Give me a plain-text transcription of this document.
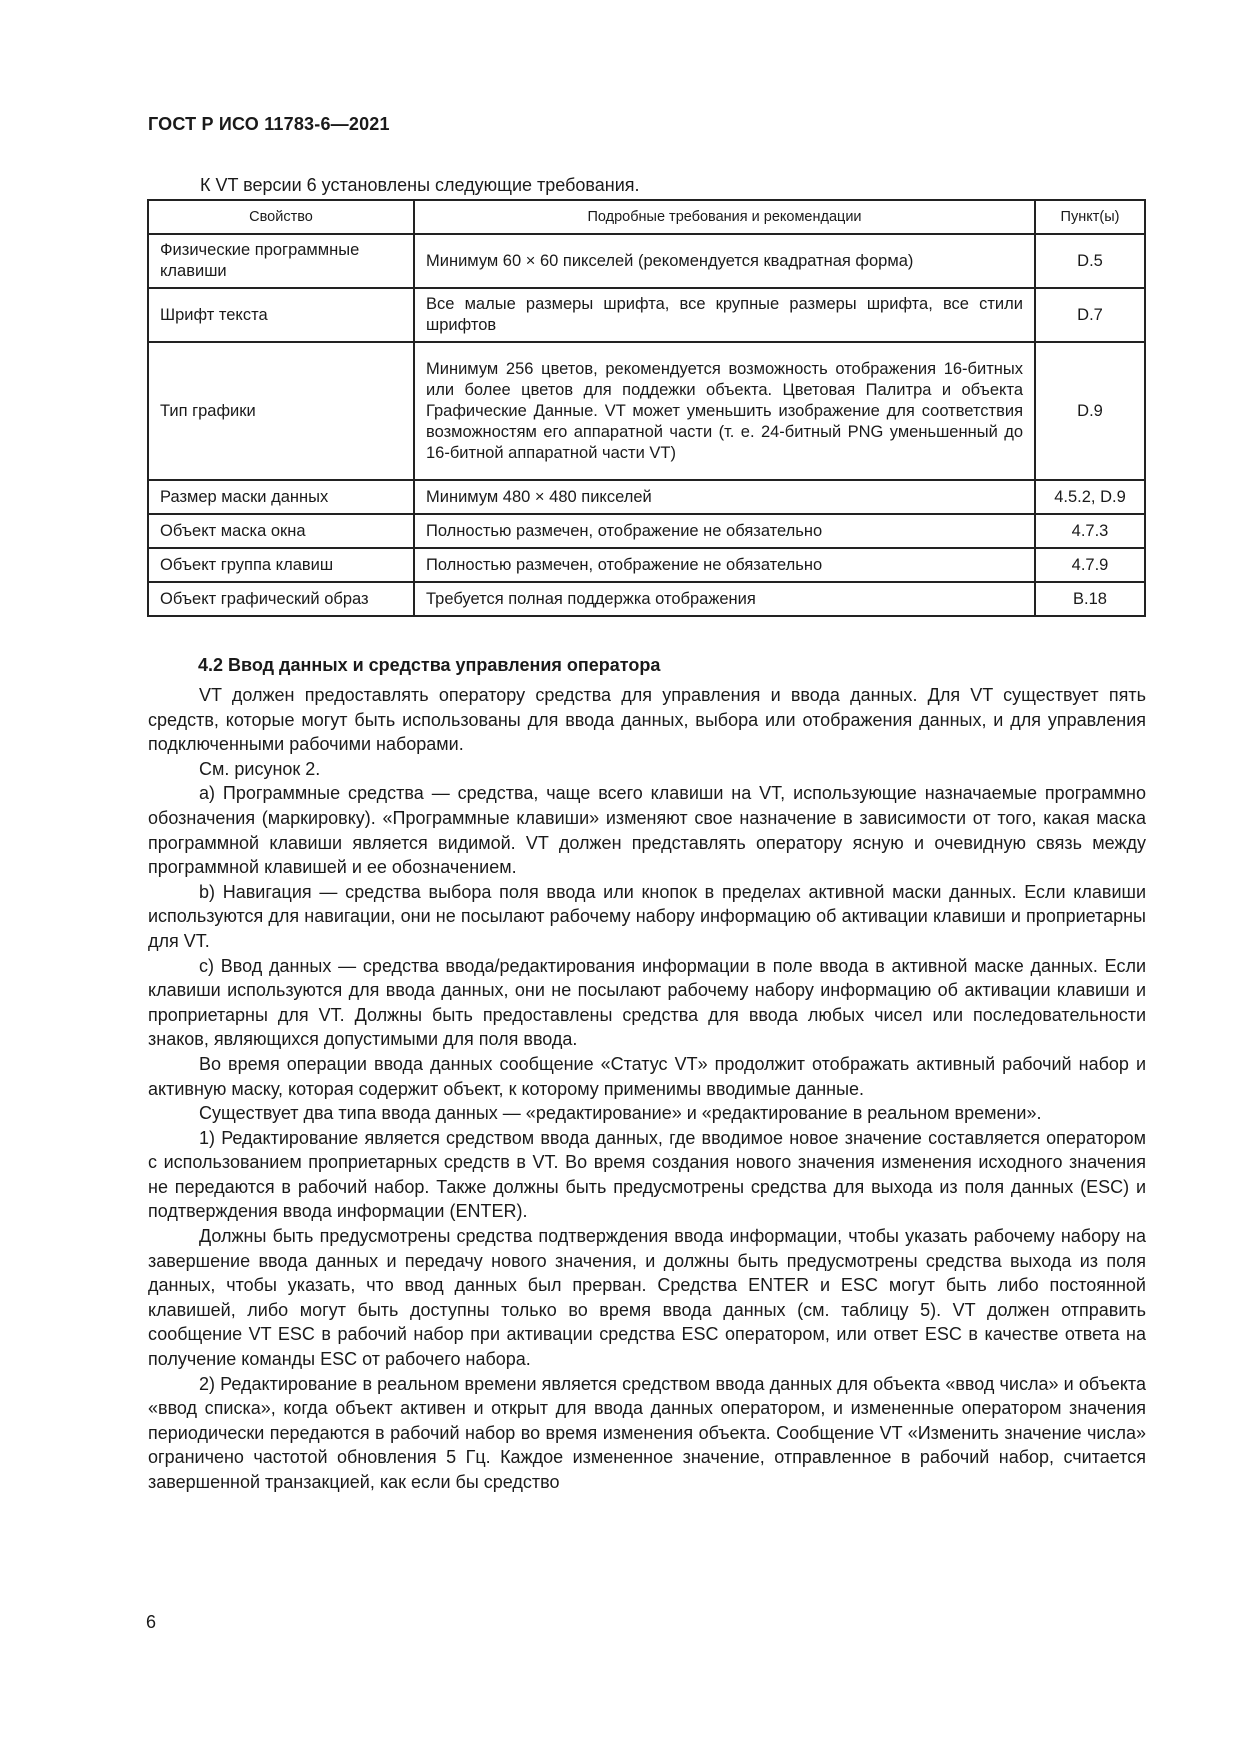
ГОСТ Р ИСО 11783-6—2021
К VT версии 6 установлены следующие требования.
Свойство	Подробные требования и рекомендации	Пункт(ы)
Физические программные клавиши	Минимум 60 × 60 пикселей (рекомендуется квадратная форма)	D.5
Шрифт текста	Все малые размеры шрифта, все крупные размеры шрифта, все стили шрифтов	D.7
Тип графики	Минимум 256 цветов, рекомендуется возможность отображения 16-битных или более цветов для поддежки объекта. Цветовая Палитра и объекта Графические Данные. VT может уменьшить изображение для соответствия возможностям его аппаратной части (т. е. 24-битный PNG уменьшенный до 16-битной аппаратной части VT)	D.9
Размер маски данных	Минимум 480 × 480 пикселей	4.5.2, D.9
Объект маска окна	Полностью размечен, отображение не обязательно	4.7.3
Объект группа клавиш	Полностью размечен, отображение не обязательно	4.7.9
Объект графический образ	Требуется полная поддержка отображения	B.18
4.2 Ввод данных и средства управления оператора

VT должен предоставлять оператору средства для управления и ввода данных. Для VT существует пять средств, которые могут быть использованы для ввода данных, выбора или отображения данных, и для управления подключенными рабочими наборами.

См. рисунок 2.

a) Программные средства — средства, чаще всего клавиши на VT, использующие назначаемые программно обозначения (маркировку). «Программные клавиши» изменяют свое назначение в зависимости от того, какая маска программной клавиши является видимой. VT должен представлять оператору ясную и очевидную связь между программной клавишей и ее обозначением.

b) Навигация — средства выбора поля ввода или кнопок в пределах активной маски данных. Если клавиши используются для навигации, они не посылают рабочему набору информацию об активации клавиши и проприетарны для VT.

c) Ввод данных — средства ввода/редактирования информации в поле ввода в активной маске данных. Если клавиши используются для ввода данных, они не посылают рабочему набору информацию об активации клавиши и проприетарны для VT. Должны быть предоставлены средства для ввода любых чисел или последовательности знаков, являющихся допустимыми для поля ввода.

Во время операции ввода данных сообщение «Статус VT» продолжит отображать активный рабочий набор и активную маску, которая содержит объект, к которому применимы вводимые данные.

Существует два типа ввода данных — «редактирование» и «редактирование в реальном времени».

1) Редактирование является средством ввода данных, где вводимое новое значение составляется оператором с использованием проприетарных средств в VT. Во время создания нового значения изменения исходного значения не передаются в рабочий набор. Также должны быть предусмотрены средства для выхода из поля данных (ESC) и подтверждения ввода информации (ENTER).

Должны быть предусмотрены средства подтверждения ввода информации, чтобы указать рабочему набору на завершение ввода данных и передачу нового значения, и должны быть предусмотрены средства выхода из поля данных, чтобы указать, что ввод данных был прерван. Средства ENTER и ESC могут быть либо постоянной клавишей, либо могут быть доступны только во время ввода данных (см. таблицу 5). VT должен отправить сообщение VT ESC в рабочий набор при активации средства ESC оператором, или ответ ESC в качестве ответа на получение команды ESC от рабочего набора.

2) Редактирование в реальном времени является средством ввода данных для объекта «ввод числа» и объекта «ввод списка», когда объект активен и открыт для ввода данных оператором, и измененные оператором значения периодически передаются в рабочий набор во время изменения объекта. Сообщение VT «Изменить значение числа» ограничено частотой обновления 5 Гц. Каждое измененное значение, отправленное в рабочий набор, считается завершенной транзакцией, как если бы средство

6
